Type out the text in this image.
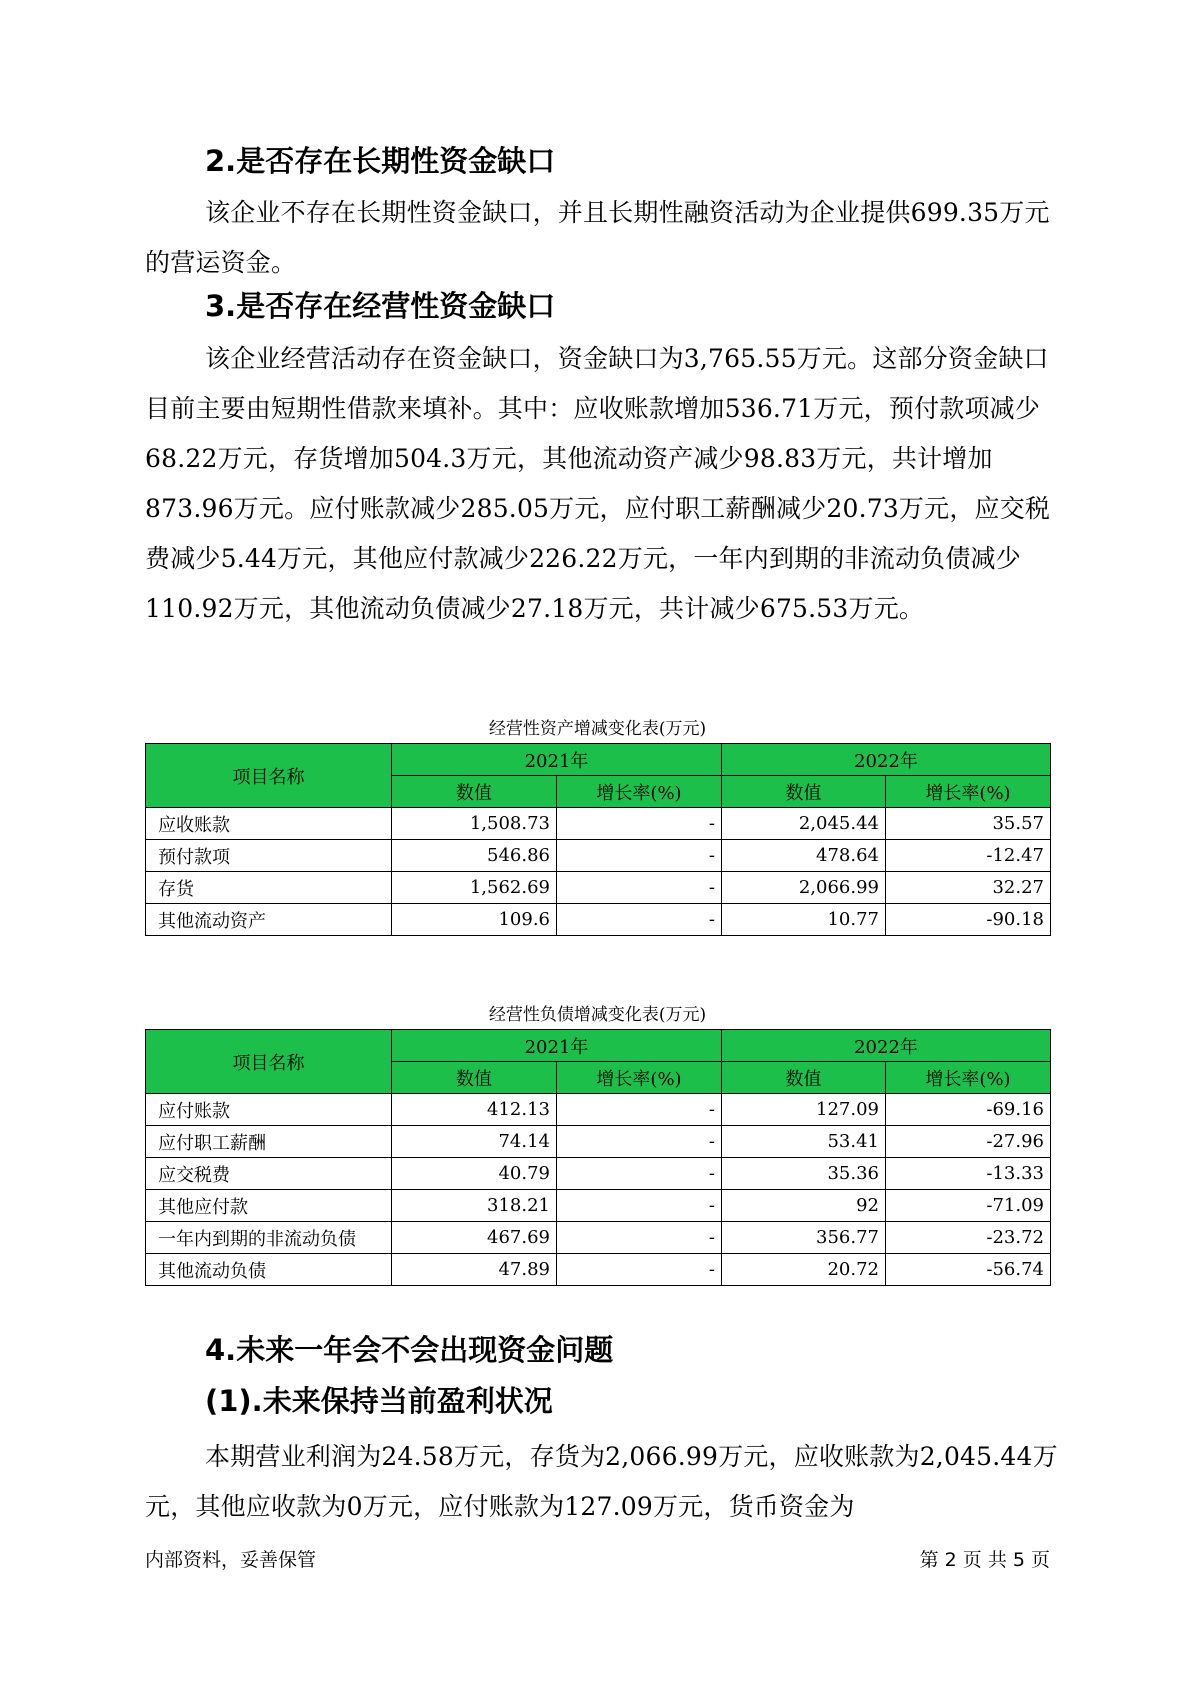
2.是否存在长期性资金缺口
该企业不存在长期性资金缺口，并且长期性融资活动为企业提供699.35万元的营运资金。
3.是否存在经营性资金缺口
该企业经营活动存在资金缺口，资金缺口为3,765.55万元。这部分资金缺口目前主要由短期性借款来填补。其中：应收账款增加536.71万元，预付款项减少68.22万元，存货增加504.3万元，其他流动资产减少98.83万元，共计增加873.96万元。应付账款减少285.05万元，应付职工薪酬减少20.73万元，应交税费减少5.44万元，其他应付款减少226.22万元，一年内到期的非流动负债减少110.92万元，其他流动负债减少27.18万元，共计减少675.53万元。
经营性资产增减变化表(万元)
项目名称	2021年		2022年	
	数值	增长率(%)	数值	增长率(%)
应收账款	1,508.73	-	2,045.44	35.57
预付款项	546.86	-	478.64	-12.47
存货	1,562.69	-	2,066.99	32.27
其他流动资产	109.6	-	10.77	-90.18
经营性负债增减变化表(万元)
项目名称	2021年		2022年	
	数值	增长率(%)	数值	增长率(%)
应付账款	412.13	-	127.09	-69.16
应付职工薪酬	74.14	-	53.41	-27.96
应交税费	40.79	-	35.36	-13.33
其他应付款	318.21	-	92	-71.09
一年内到期的非流动负债	467.69	-	356.77	-23.72
其他流动负债	47.89	-	20.72	-56.74
4.未来一年会不会出现资金问题
(1).未来保持当前盈利状况
本期营业利润为24.58万元，存货为2,066.99万元，应收账款为2,045.44万元，其他应收款为0万元，应付账款为127.09万元，货币资金为
内部资料，妥善保管	第 2 页 共 5 页
